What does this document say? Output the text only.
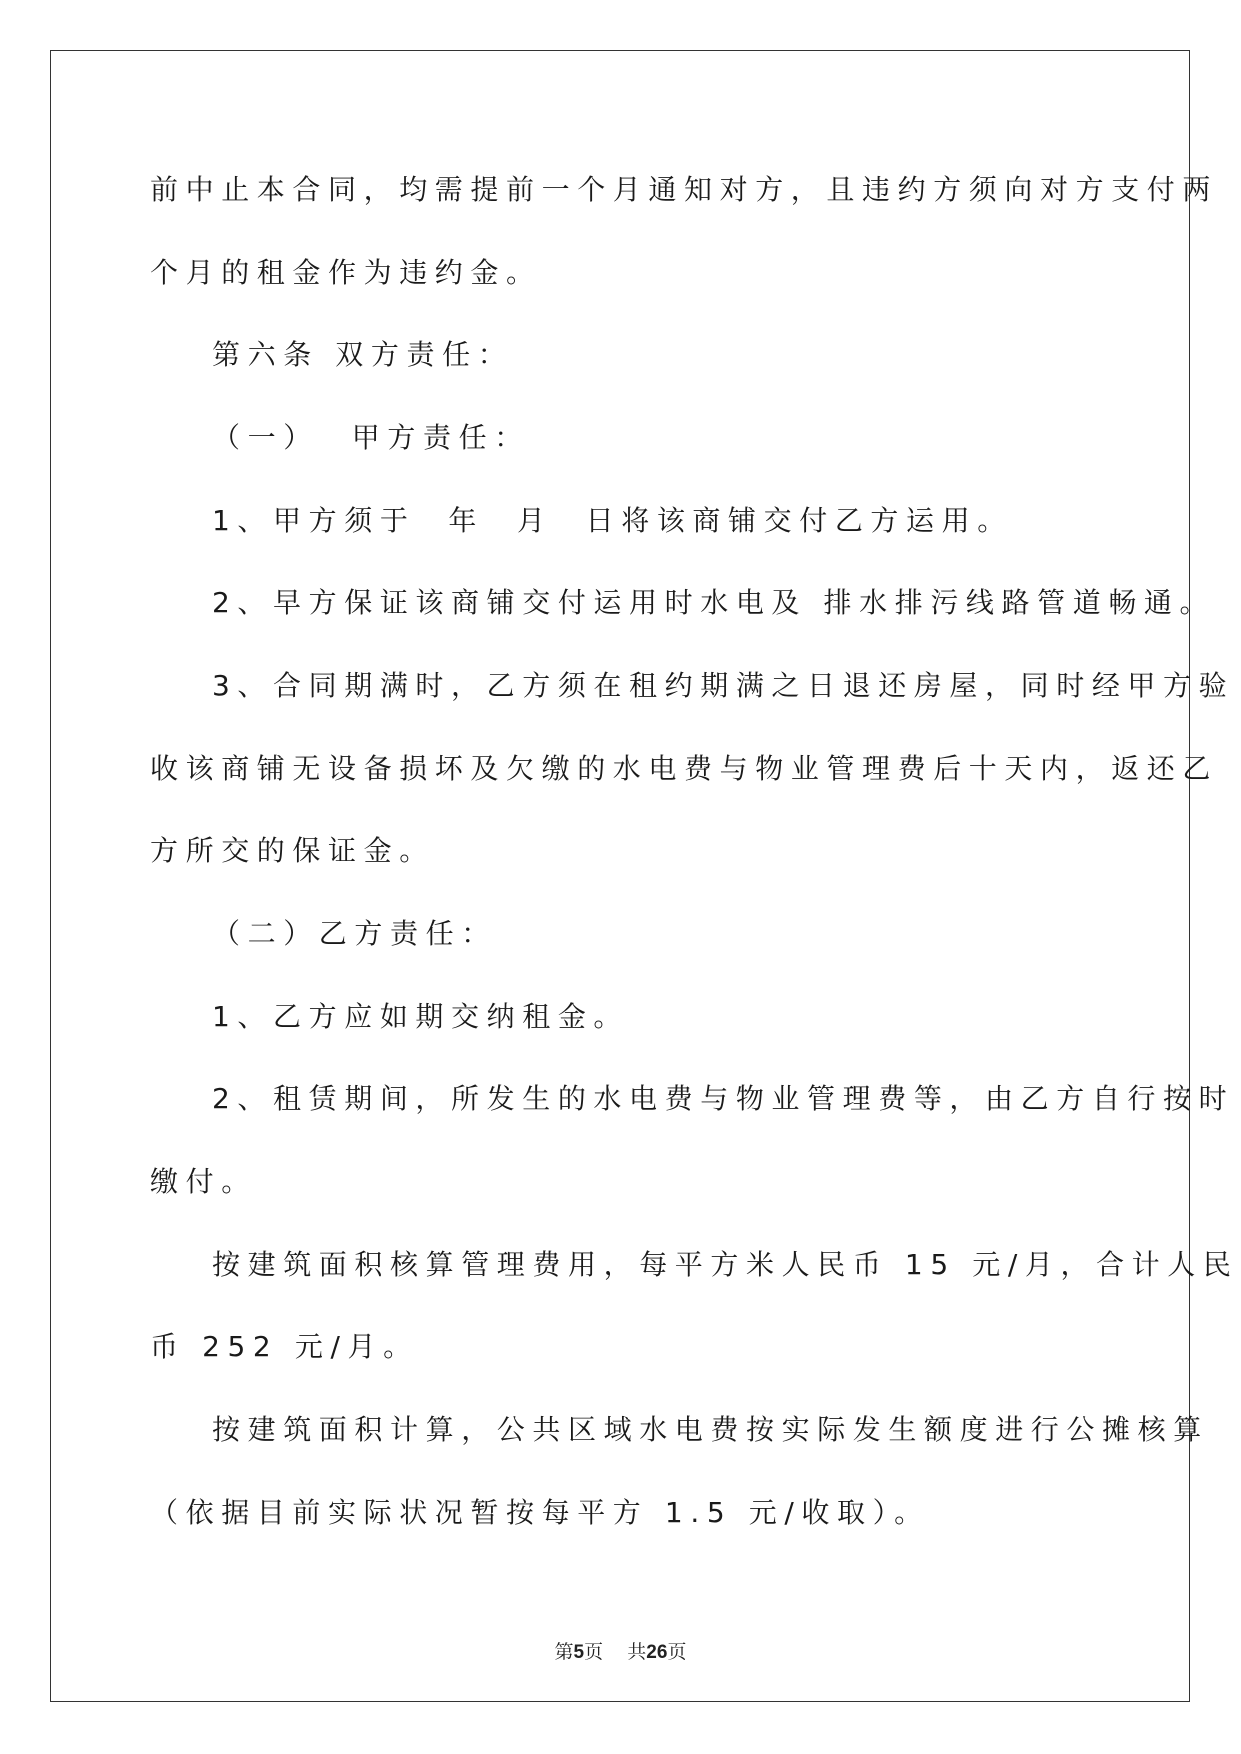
前中止本合同，均需提前一个月通知对方，且违约方须向对方支付两
个月的租金作为违约金。
第六条 双方责任：
（一）  甲方责任：
1、甲方须于  年  月  日将该商铺交付乙方运用。
2、早方保证该商铺交付运用时水电及 排水排污线路管道畅通。
3、合同期满时，乙方须在租约期满之日退还房屋，同时经甲方验
收该商铺无设备损坏及欠缴的水电费与物业管理费后十天内，返还乙
方所交的保证金。
（二）乙方责任：
1、乙方应如期交纳租金。
2、租赁期间，所发生的水电费与物业管理费等，由乙方自行按时
缴付。
按建筑面积核算管理费用，每平方米人民币 15 元/月，合计人民
币 252 元/月。
按建筑面积计算，公共区域水电费按实际发生额度进行公摊核算
（依据目前实际状况暂按每平方 1.5 元/收取）。
第5页    共26页
